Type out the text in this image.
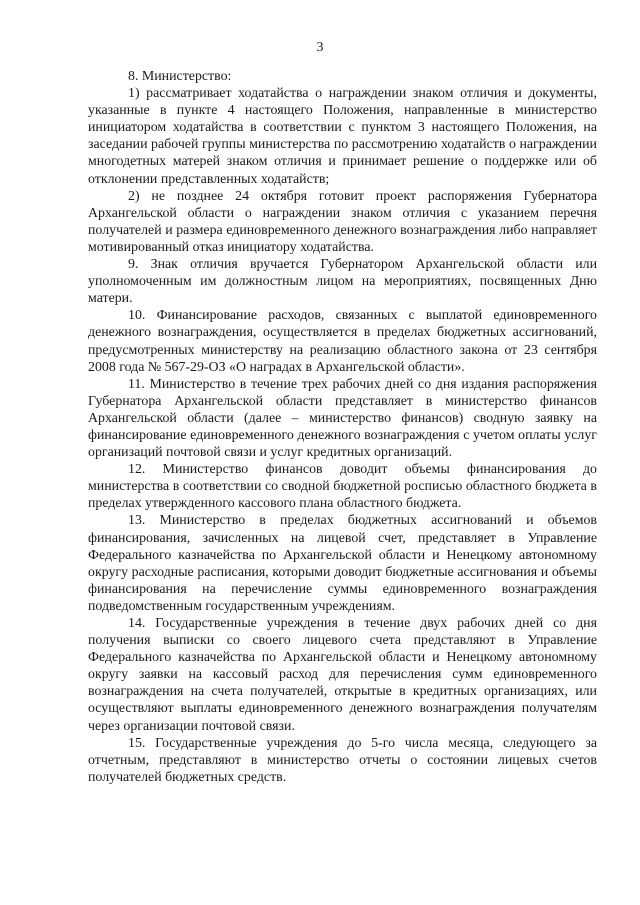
3

8. Министерство:

1) рассматривает ходатайства о награждении знаком отличия и документы, указанные в пункте 4 настоящего Положения, направленные в министерство инициатором ходатайства в соответствии с пунктом 3 настоящего Положения, на заседании рабочей группы министерства по рассмотрению ходатайств о награждении многодетных матерей знаком отличия и принимает решение о поддержке или об отклонении представленных ходатайств;

2) не позднее 24 октября готовит проект распоряжения Губернатора Архангельской области о награждении знаком отличия с указанием перечня получателей и размера единовременного денежного вознаграждения либо направляет мотивированный отказ инициатору ходатайства.

9. Знак отличия вручается Губернатором Архангельской области или уполномоченным им должностным лицом на мероприятиях, посвященных Дню матери.

10. Финансирование расходов, связанных с выплатой единовременного денежного вознаграждения, осуществляется в пределах бюджетных ассигнований, предусмотренных министерству на реализацию областного закона от 23 сентября 2008 года № 567-29-ОЗ «О наградах в Архангельской области».

11. Министерство в течение трех рабочих дней со дня издания распоряжения Губернатора Архангельской области представляет в министерство финансов Архангельской области (далее – министерство финансов) сводную заявку на финансирование единовременного денежного вознаграждения с учетом оплаты услуг организаций почтовой связи и услуг кредитных организаций.

12. Министерство финансов доводит объемы финансирования до министерства в соответствии со сводной бюджетной росписью областного бюджета в пределах утвержденного кассового плана областного бюджета.

13. Министерство в пределах бюджетных ассигнований и объемов финансирования, зачисленных на лицевой счет, представляет в Управление Федерального казначейства по Архангельской области и Ненецкому автономному округу расходные расписания, которыми доводит бюджетные ассигнования и объемы финансирования на перечисление суммы единовременного вознаграждения подведомственным государственным учреждениям.

14. Государственные учреждения в течение двух рабочих дней со дня получения выписки со своего лицевого счета представляют в Управление Федерального казначейства по Архангельской области и Ненецкому автономному округу заявки на кассовый расход для перечисления сумм единовременного вознаграждения на счета получателей, открытые в кредитных организациях, или осуществляют выплаты единовременного денежного вознаграждения получателям через организации почтовой связи.

15. Государственные учреждения до 5-го числа месяца, следующего за отчетным, представляют в министерство отчеты о состоянии лицевых счетов получателей бюджетных средств.
